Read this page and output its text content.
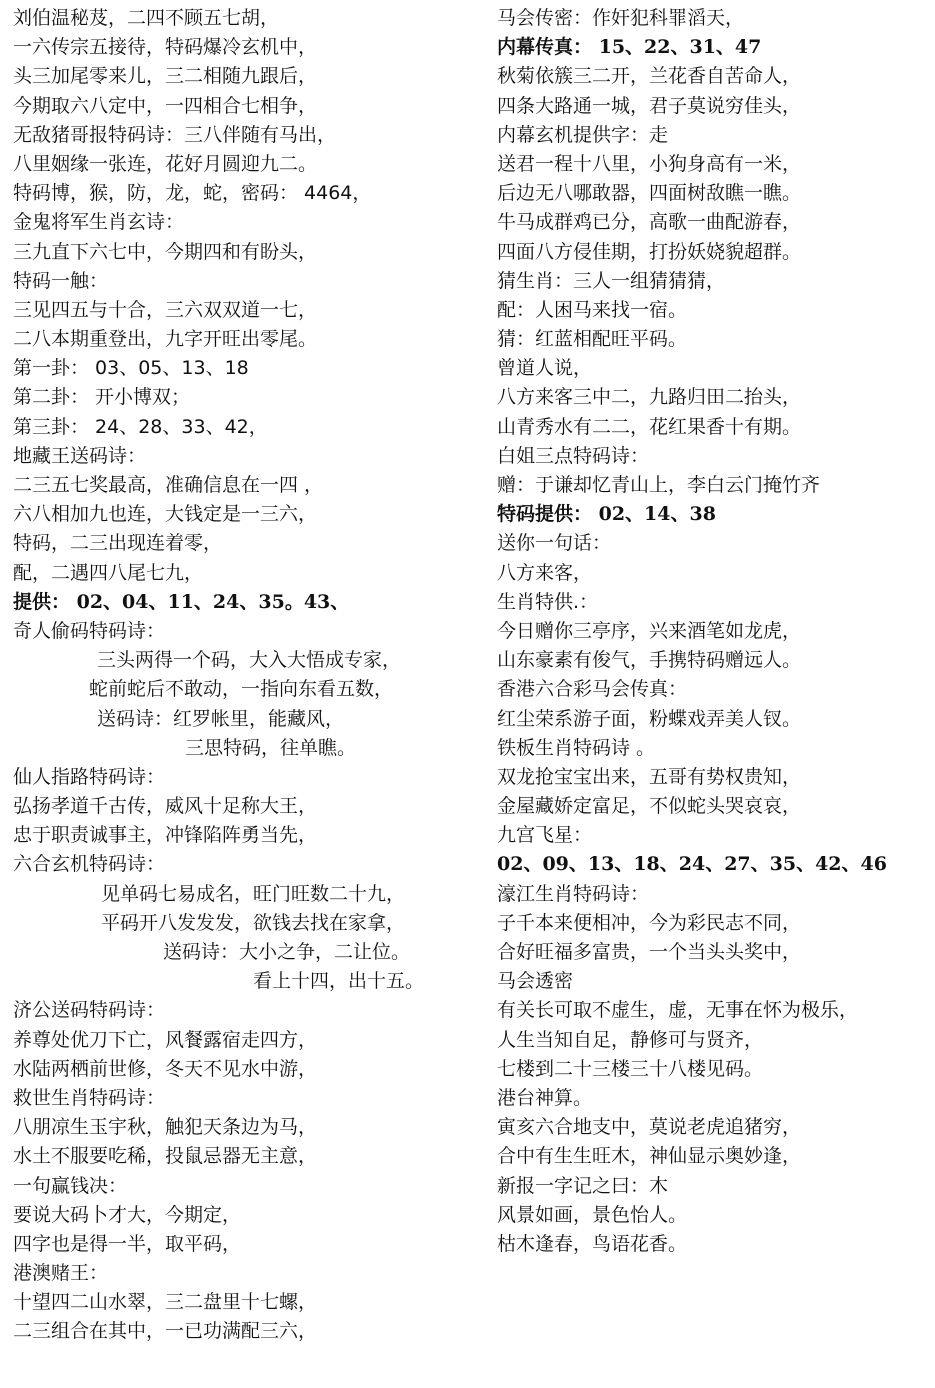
刘伯温秘芨，二四不顾五七胡，
一六传宗五接待，特码爆冷玄机中，
头三加尾零来儿，三二相随九跟后，
今期取六八定中，一四相合七相争，
无敌猪哥报特码诗：三八伴随有马出，
八里姻缘一张连，花好月圆迎九二。
特码博，猴，防，龙，蛇，密码： 4464，
金鬼将军生肖玄诗：
三九直下六七中，今期四和有盼头，
特码一触：
三见四五与十合，三六双双道一七，
二八本期重登出，九字开旺出零尾。
第一卦： 03、05、13、18
第二卦： 开小博双；
第三卦： 24、28、33、42，
地藏王送码诗：
二三五七奖最高，准确信息在一四 ，
六八相加九也连，大钱定是一三六，
特码，二三出现连着零，
配，二遇四八尾七九，
提供： 02、04、11、24、35。43、
奇人偷码特码诗：
三头两得一个码，大入大悟成专家，
蛇前蛇后不敢动，一指向东看五数，
送码诗：红罗帐里，能藏风，
三思特码，往单瞧。
仙人指路特码诗：
弘扬孝道千古传，威风十足称大王，
忠于职责诚事主，冲锋陷阵勇当先，
六合玄机特码诗：
见单码七易成名，旺门旺数二十九，
平码开八发发发，欲钱去找在家拿，
送码诗：大小之争，二让位。
看上十四，出十五。
济公送码特码诗：
养尊处优刀下亡，风餐露宿走四方，
水陆两栖前世修，冬天不见水中游，
救世生肖特码诗：
八朋凉生玉宇秋，触犯天条边为马，
水土不服要吃稀，投鼠忌器无主意，
一句赢钱决：
要说大码卜才大，今期定，
四字也是得一半，取平码，
港澳赌王：
十望四二山水翠，三二盘里十七螺，
二三组合在其中，一已功满配三六，
马会传密：作奸犯科罪滔天，
内幕传真： 15、22、31、47
秋菊依簇三二开，兰花香自苦命人，
四条大路通一城，君子莫说穷佳头，
内幕玄机提供字：走
送君一程十八里，小狗身高有一米，
后边无八哪敢器，四面树敌瞧一瞧。
牛马成群鸡已分，高歌一曲配游春，
四面八方侵佳期，打扮妖娆貌超群。
猜生肖：三人一组猜猜猜，
配：人困马来找一宿。
猜：红蓝相配旺平码。
曾道人说，
八方来客三中二，九路归田二抬头，
山青秀水有二二，花红果香十有期。
白姐三点特码诗：
赠：于谦却忆青山上，李白云门掩竹齐
特码提供： 02、14、38
送你一句话：
八方来客，
生肖特供.：
今日赠你三亭序，兴来酒笔如龙虎，
山东豪素有俊气，手携特码赠远人。
香港六合彩马会传真：
红尘荣系游子面，粉蝶戏弄美人钗。
铁板生肖特码诗 。
双龙抢宝宝出来，五哥有势权贵知，
金屋藏娇定富足，不似蛇头哭哀哀，
九宫飞星：
02、09、13、18、24、27、35、42、46
濠江生肖特码诗：
子千本来便相冲，今为彩民志不同，
合好旺福多富贵，一个当头头奖中，
马会透密
有关长可取不虚生，虚，无事在怀为极乐，
人生当知自足，静修可与贤齐，
七楼到二十三楼三十八楼见码。
港台神算。
寅亥六合地支中，莫说老虎追猪穷，
合中有生生旺木，神仙显示奥妙逢，
新报一字记之曰：木
风景如画，景色怡人。
枯木逢春，鸟语花香。
